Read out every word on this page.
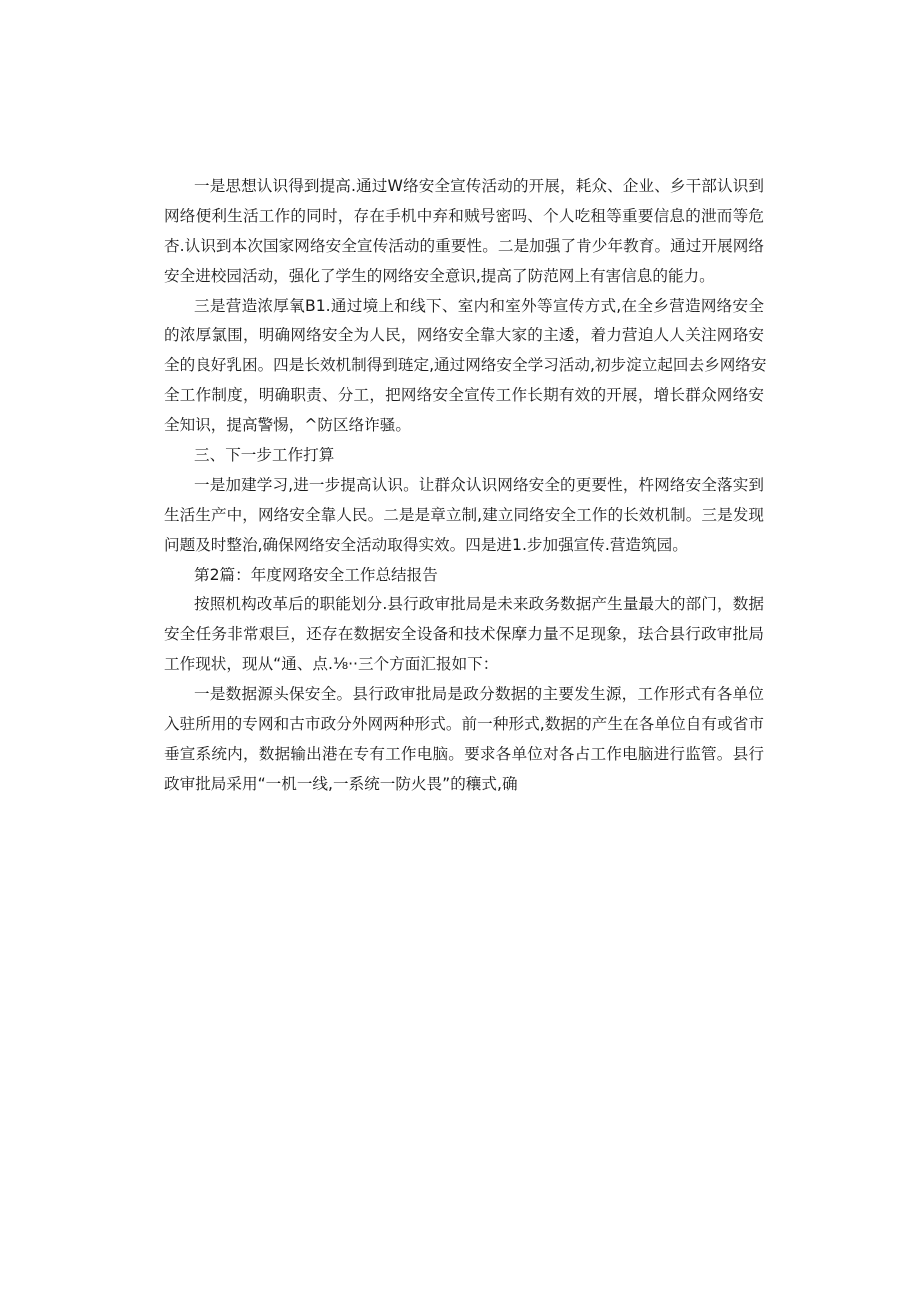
一是思想认识得到提高.通过W络安全宣传活动的开展，耗众、企业、乡干部认识到
网络便利生活工作的同时，存在手机中弃和贼号密吗、个人吃租等重要信息的泄而等危
杏.认识到本次国家网络安全宣传活动的重要性。二是加强了肯少年教育。通过开展网络
安全进校园活动，强化了学生的网络安全意识,提高了防范网上有害信息的能力。
三是营造浓厚氧B1.通过境上和线下、室内和室外等宣传方式,在全乡营造网络安全
的浓厚氯围，明确网络安全为人民，网络安全靠大家的主逶，着力营迫人人关注网珞安
全的良好乳困。四是长效机制得到琏定,通过网络安全学习活动,初步淀立起回去乡网络安
全工作制度，明确职责、分工，把网络安全宣传工作长期有效的开展，增长群众网络安
全知识，提高警惕，^防区络诈骚。
三、下一步工作打算
一是加建学习,进一步提高认识。让群众认识网络安全的更要性，杵网络安全落实到
生活生产中，网络安全靠人民。二是是章立制,建立同络安全工作的长效机制。三是发现
问题及时整治,确保网络安全活动取得实效。四是进1.步加强宣传.营造筑园。
第2篇：年度网珞安全工作总结报告
按照机构改革后的职能划分.县行政审批局是未来政务数据产生量最大的部门，数据
安全任务非常艰巨，还存在数据安全设备和技术保摩力量不足现象，珐合县行政审批局
工作现状，现从“通、点.⅛··三个方面汇报如下：
一是数据源头保安全。县行政审批局是政分数据的主要发生源，工作形式有各单位
入驻所用的专网和古市政分外网两种形式。前一种形式,数据的产生在各单位自有或省市
垂宣系统内，数据输出港在专有工作电脑。要求各单位对各占工作电脑进行监管。县行
政审批局采用“一机一线,一系统一防火畏”的穰式,确
